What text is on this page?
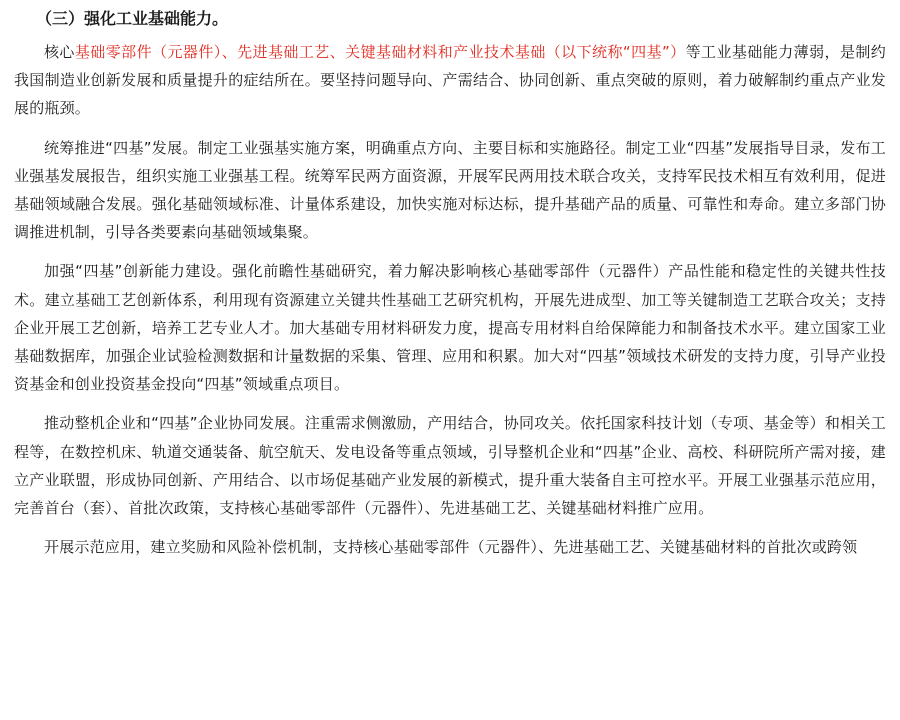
（三）强化工业基础能力。

核心基础零部件（元器件）、先进基础工艺、关键基础材料和产业技术基础（以下统称“四基”）等工业基础能力薄弱，是制约我国制造业创新发展和质量提升的症结所在。要坚持问题导向、产需结合、协同创新、重点突破的原则，着力破解制约重点产业发展的瓶颈。

统筹推进“四基”发展。制定工业强基实施方案，明确重点方向、主要目标和实施路径。制定工业“四基”发展指导目录，发布工业强基发展报告，组织实施工业强基工程。统筹军民两方面资源，开展军民两用技术联合攻关，支持军民技术相互有效利用，促进基础领域融合发展。强化基础领域标准、计量体系建设，加快实施对标达标，提升基础产品的质量、可靠性和寿命。建立多部门协调推进机制，引导各类要素向基础领域集聚。

加强“四基”创新能力建设。强化前瞻性基础研究，着力解决影响核心基础零部件（元器件）产品性能和稳定性的关键共性技术。建立基础工艺创新体系，利用现有资源建立关键共性基础工艺研究机构，开展先进成型、加工等关键制造工艺联合攻关；支持企业开展工艺创新，培养工艺专业人才。加大基础专用材料研发力度，提高专用材料自给保障能力和制备技术水平。建立国家工业基础数据库，加强企业试验检测数据和计量数据的采集、管理、应用和积累。加大对“四基”领域技术研发的支持力度，引导产业投资基金和创业投资基金投向“四基”领域重点项目。

推动整机企业和“四基”企业协同发展。注重需求侧激励，产用结合，协同攻关。依托国家科技计划（专项、基金等）和相关工程等，在数控机床、轨道交通装备、航空航天、发电设备等重点领域，引导整机企业和“四基”企业、高校、科研院所产需对接，建立产业联盟，形成协同创新、产用结合、以市场促基础产业发展的新模式，提升重大装备自主可控水平。开展工业强基示范应用，完善首台（套）、首批次政策，支持核心基础零部件（元器件）、先进基础工艺、关键基础材料推广应用。

开展示范应用，建立奖励和风险补偿机制，支持核心基础零部件（元器件）、先进基础工艺、关键基础材料的首批次或跨领
